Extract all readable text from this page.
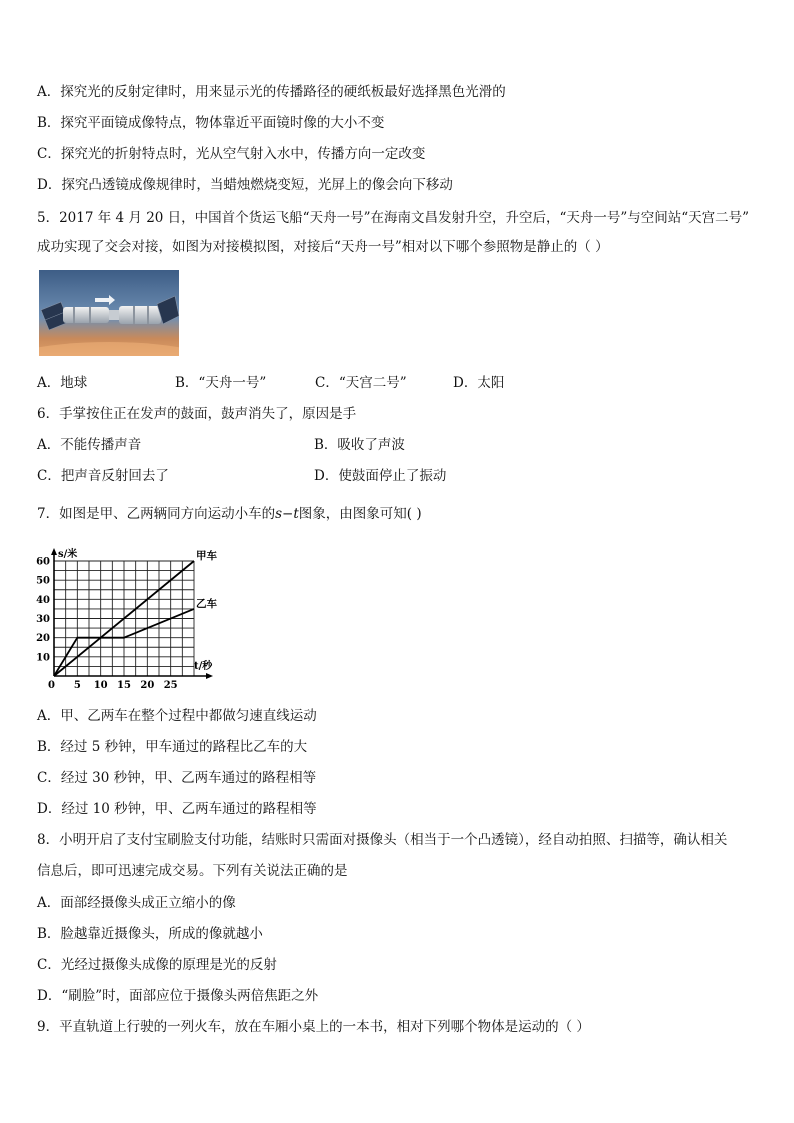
A．探究光的反射定律时，用来显示光的传播路径的硬纸板最好选择黑色光滑的
B．探究平面镜成像特点，物体靠近平面镜时像的大小不变
C．探究光的折射特点时，光从空气射入水中，传播方向一定改变
D．探究凸透镜成像规律时，当蜡烛燃烧变短，光屏上的像会向下移动
5．2017 年 4 月 20 日，中国首个货运飞船“天舟一号”在海南文昌发射升空，升空后，“天舟一号”与空间站“天宫二号”
成功实现了交会对接，如图为对接模拟图，对接后“天舟一号”相对以下哪个参照物是静止的（ ）
A．地球	B．“天舟一号”	C．“天宫二号”	D．太阳
6．手掌按住正在发声的鼓面，鼓声消失了，原因是手
A．不能传播声音	B．吸收了声波
C．把声音反射回去了	D．使鼓面停止了振动
7．如图是甲、乙两辆同方向运动小车的s−t图象，由图象可知( )
s/米
t/秒
0
10
20
30
40
50
60
5 10 15 20 25
甲车
乙车
A．甲、乙两车在整个过程中都做匀速直线运动
B．经过 5 秒钟，甲车通过的路程比乙车的大
C．经过 30 秒钟，甲、乙两车通过的路程相等
D．经过 10 秒钟，甲、乙两车通过的路程相等
8．小明开启了支付宝刷脸支付功能，结账时只需面对摄像头（相当于一个凸透镜），经自动拍照、扫描等，确认相关
信息后，即可迅速完成交易。下列有关说法正确的是
A．面部经摄像头成正立缩小的像
B．脸越靠近摄像头，所成的像就越小
C．光经过摄像头成像的原理是光的反射
D．“刷脸”时，面部应位于摄像头两倍焦距之外
9．平直轨道上行驶的一列火车，放在车厢小桌上的一本书，相对下列哪个物体是运动的（ ）
